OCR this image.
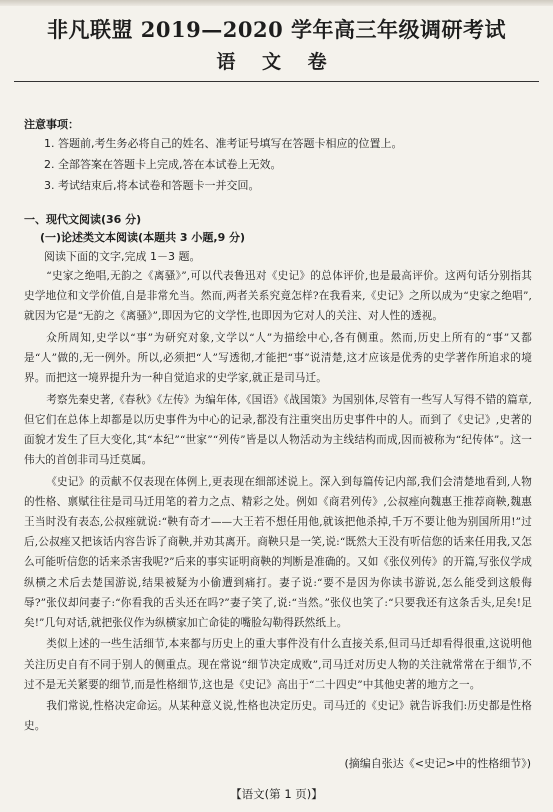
非凡联盟 2019—2020 学年高三年级调研考试
语 文 卷
注意事项：
1. 答题前,考生务必将自己的姓名、准考证号填写在答题卡相应的位置上。
2. 全部答案在答题卡上完成,答在本试卷上无效。
3. 考试结束后,将本试卷和答题卡一并交回。
一、现代文阅读(36 分)
(一)论述类文本阅读(本题共 3 小题,9 分)
阅读下面的文字,完成 1－3 题。

“史家之绝唱,无韵之《离骚》”,可以代表鲁迅对《史记》的总体评价,也是最高评价。这两句话分别指其史学地位和文学价值,自是非常允当。然而,两者关系究竟怎样?在我看来,《史记》之所以成为“史家之绝唱”,就因为它是“无韵之《离骚》”,即因为它的文学性,也即因为它对人的关注、对人性的透视。

众所周知,史学以“事”为研究对象,文学以“人”为描绘中心,各有侧重。然而,历史上所有的“事”又都是“人”做的,无一例外。所以,必须把“人”写透彻,才能把“事”说清楚,这才应该是优秀的史学著作所追求的境界。而把这一境界提升为一种自觉追求的史学家,就正是司马迁。

考察先秦史著,《春秋》《左传》为编年体,《国语》《战国策》为国别体,尽管有一些写人写得不错的篇章,但它们在总体上却都是以历史事件为中心的记录,都没有注重突出历史事件中的人。而到了《史记》,史著的面貌才发生了巨大变化,其“本纪”“世家”“列传”皆是以人物活动为主线结构而成,因而被称为“纪传体”。这一伟大的首创非司马迁莫属。

《史记》的贡献不仅表现在体例上,更表现在细部述说上。深入到每篇传记内部,我们会清楚地看到,人物的性格、禀赋往往是司马迁用笔的着力之点、精彩之处。例如《商君列传》,公叔痤向魏惠王推荐商鞅,魏惠王当时没有表态,公叔痤就说:“鞅有奇才——大王若不想任用他,就该把他杀掉,千万不要让他为别国所用!”过后,公叔痤又把该话内容告诉了商鞅,并劝其离开。商鞅只是一笑,说:“既然大王没有听信您的话来任用我,又怎么可能听信您的话来杀害我呢?”后来的事实证明商鞅的判断是准确的。又如《张仪列传》的开篇,写张仪学成纵横之术后去楚国游说,结果被疑为小偷遭到痛打。妻子说:“要不是因为你读书游说,怎么能受到这般侮辱?”张仪却问妻子:“你看我的舌头还在吗?”妻子笑了,说:“当然。”张仪也笑了:“只要我还有这条舌头,足矣!足矣!”几句对话,就把张仪作为纵横家加亡命徒的嘴脸勾勒得跃然纸上。

类似上述的一些生活细节,本来都与历史上的重大事件没有什么直接关系,但司马迁却看得很重,这说明他关注历史自有不同于别人的侧重点。现在常说“细节决定成败”,司马迁对历史人物的关注就常常在于细节,不过不是无关紧要的细节,而是性格细节,这也是《史记》高出于“二十四史”中其他史著的地方之一。

我们常说,性格决定命运。从某种意义说,性格也决定历史。司马迁的《史记》就告诉我们:历史都是性格史。

(摘编自张达《<史记>中的性格细节》)
【语文(第 1 页)】
